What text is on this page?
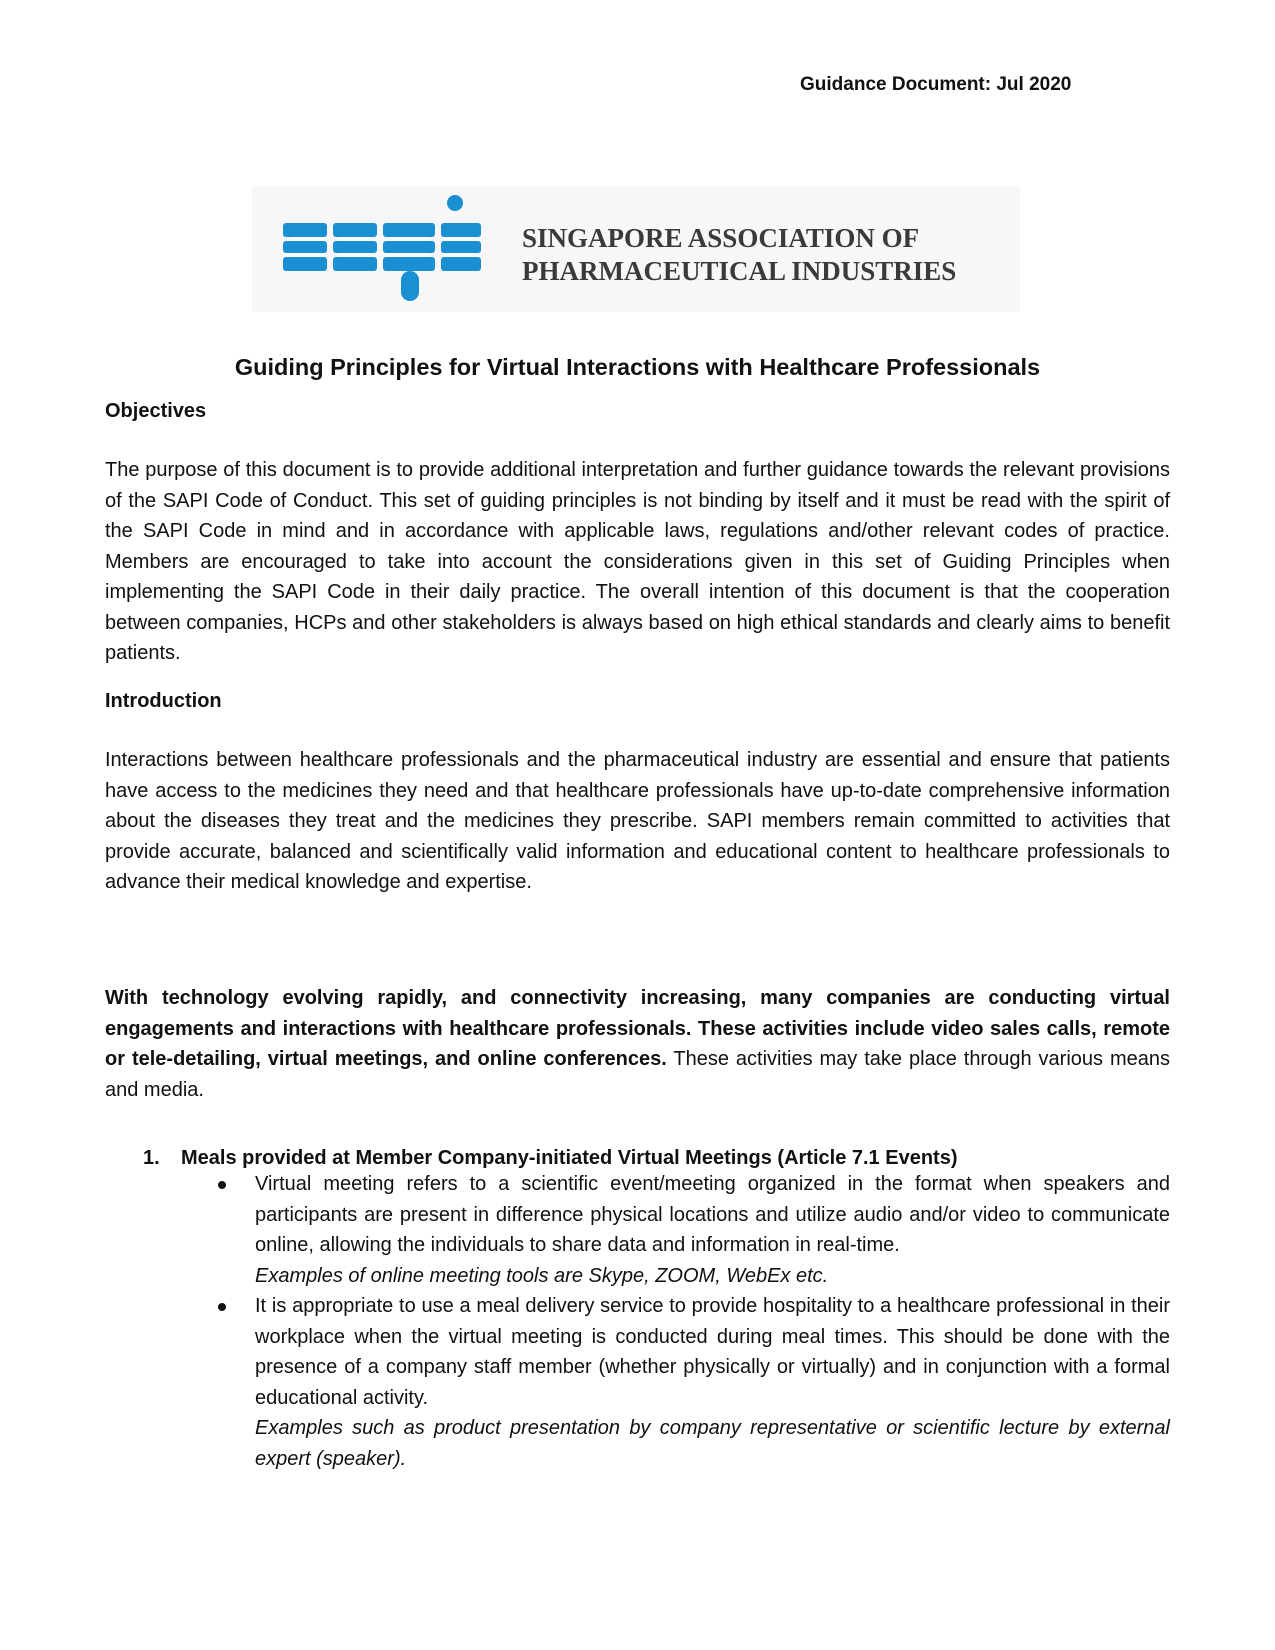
Guidance Document: Jul 2020
SINGAPORE ASSOCIATION OF
PHARMACEUTICAL INDUSTRIES
Guiding Principles for Virtual Interactions with Healthcare Professionals
Objectives
The purpose of this document is to provide additional interpretation and further guidance towards the relevant provisions of the SAPI Code of Conduct. This set of guiding principles is not binding by itself and it must be read with the spirit of the SAPI Code in mind and in accordance with applicable laws, regulations and/other relevant codes of practice. Members are encouraged to take into account the considerations given in this set of Guiding Principles when implementing the SAPI Code in their daily practice. The overall intention of this document is that the cooperation between companies, HCPs and other stakeholders is always based on high ethical standards and clearly aims to benefit patients.
Introduction
Interactions between healthcare professionals and the pharmaceutical industry are essential and ensure that patients have access to the medicines they need and that healthcare professionals have up-to-date comprehensive information about the diseases they treat and the medicines they prescribe. SAPI members remain committed to activities that provide accurate, balanced and scientifically valid information and educational content to healthcare professionals to advance their medical knowledge and expertise.
With technology evolving rapidly, and connectivity increasing, many companies are conducting virtual engagements and interactions with healthcare professionals. These activities include video sales calls, remote or tele-detailing, virtual meetings, and online conferences. These activities may take place through various means and media.
1. Meals provided at Member Company-initiated Virtual Meetings (Article 7.1 Events)
Virtual meeting refers to a scientific event/meeting organized in the format when speakers and participants are present in difference physical locations and utilize audio and/or video to communicate online, allowing the individuals to share data and information in real-time.
Examples of online meeting tools are Skype, ZOOM, WebEx etc.
It is appropriate to use a meal delivery service to provide hospitality to a healthcare professional in their workplace when the virtual meeting is conducted during meal times. This should be done with the presence of a company staff member (whether physically or virtually) and in conjunction with a formal educational activity.
Examples such as product presentation by company representative or scientific lecture by external expert (speaker).
